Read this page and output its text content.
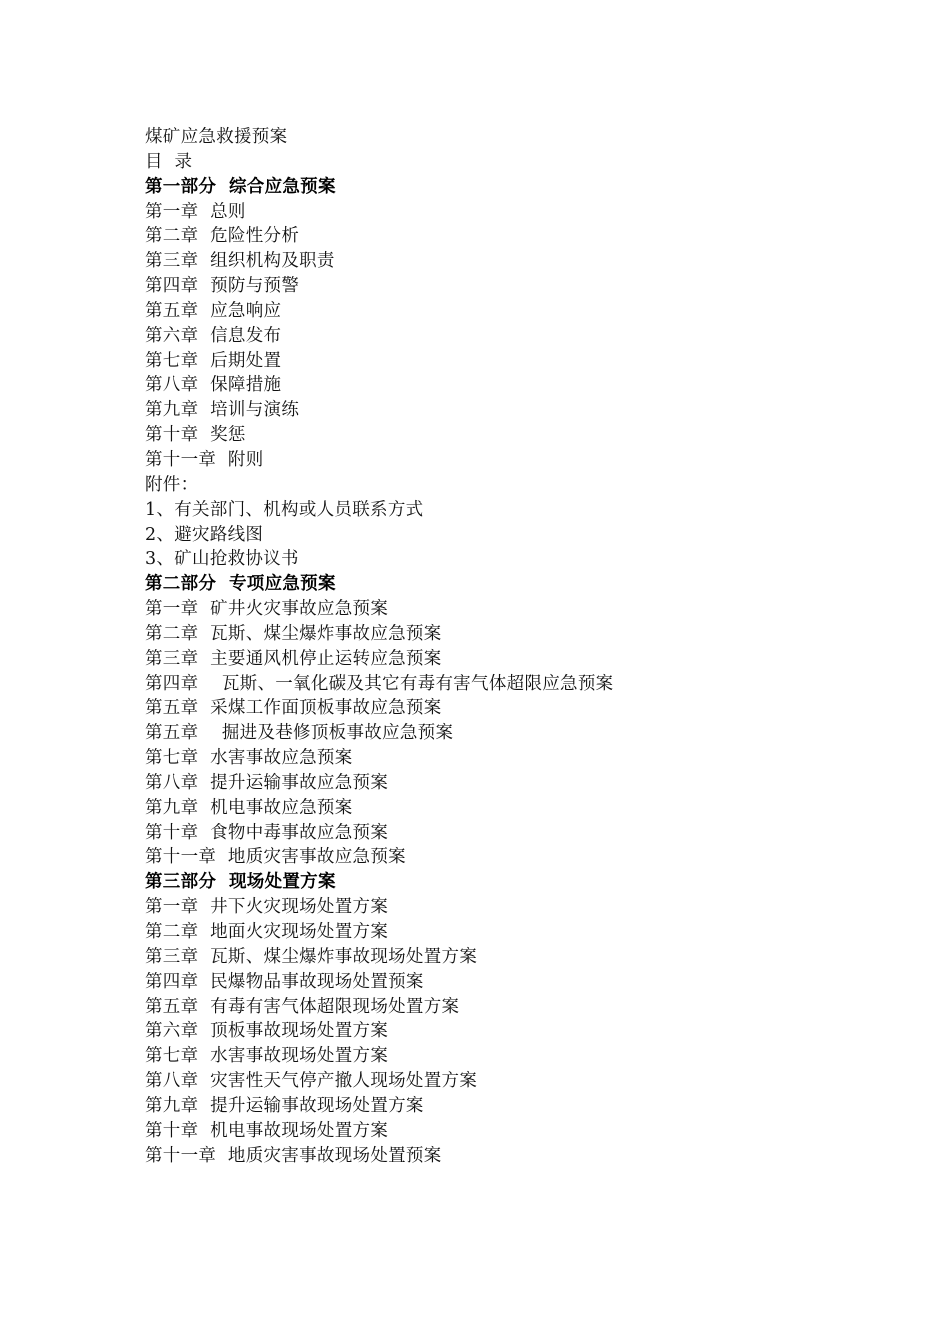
煤矿应急救援预案
目  录
第一部分  综合应急预案
第一章  总则
第二章  危险性分析
第三章  组织机构及职责
第四章  预防与预警
第五章  应急响应
第六章  信息发布
第七章  后期处置
第八章  保障措施
第九章  培训与演练
第十章  奖惩
第十一章  附则
附件：
1、有关部门、机构或人员联系方式
2、避灾路线图
3、矿山抢救协议书
第二部分  专项应急预案
第一章  矿井火灾事故应急预案
第二章  瓦斯、煤尘爆炸事故应急预案
第三章  主要通风机停止运转应急预案
第四章    瓦斯、一氧化碳及其它有毒有害气体超限应急预案
第五章  采煤工作面顶板事故应急预案
第五章    掘进及巷修顶板事故应急预案
第七章  水害事故应急预案
第八章  提升运输事故应急预案
第九章  机电事故应急预案
第十章  食物中毒事故应急预案
第十一章  地质灾害事故应急预案
第三部分  现场处置方案
第一章  井下火灾现场处置方案
第二章  地面火灾现场处置方案
第三章  瓦斯、煤尘爆炸事故现场处置方案
第四章  民爆物品事故现场处置预案
第五章  有毒有害气体超限现场处置方案
第六章  顶板事故现场处置方案
第七章  水害事故现场处置方案
第八章  灾害性天气停产撤人现场处置方案
第九章  提升运输事故现场处置方案
第十章  机电事故现场处置方案
第十一章  地质灾害事故现场处置预案
